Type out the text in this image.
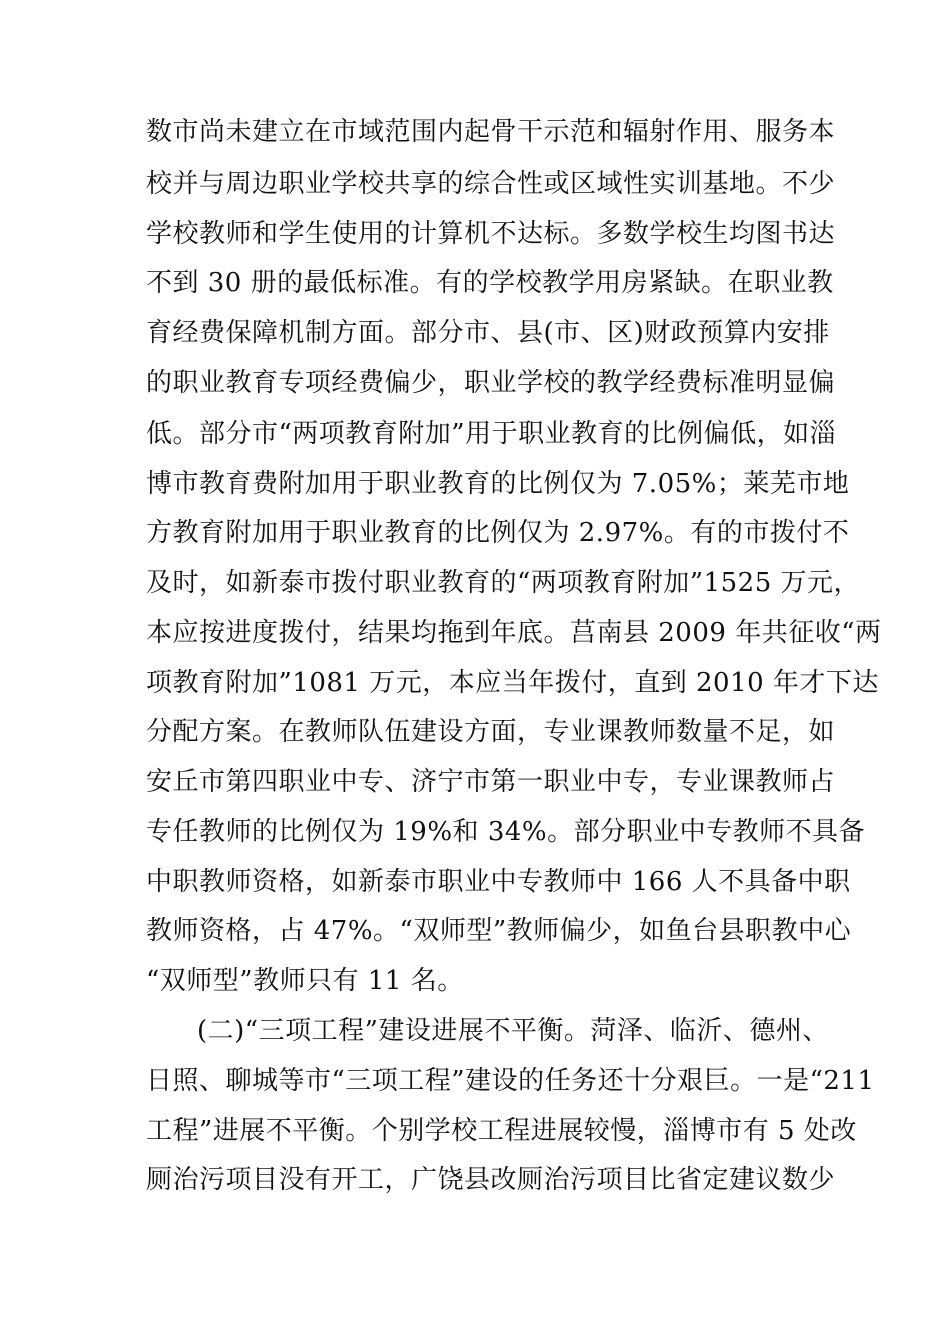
数市尚未建立在市域范围内起骨干示范和辐射作用、服务本
校并与周边职业学校共享的综合性或区域性实训基地。不少
学校教师和学生使用的计算机不达标。多数学校生均图书达
不到 30 册的最低标准。有的学校教学用房紧缺。在职业教
育经费保障机制方面。部分市、县(市、区)财政预算内安排
的职业教育专项经费偏少，职业学校的教学经费标准明显偏
低。部分市“两项教育附加”用于职业教育的比例偏低，如淄
博市教育费附加用于职业教育的比例仅为 7.05%；莱芜市地
方教育附加用于职业教育的比例仅为 2.97%。有的市拨付不
及时，如新泰市拨付职业教育的“两项教育附加”1525 万元，
本应按进度拨付，结果均拖到年底。莒南县 2009 年共征收“两
项教育附加”1081 万元，本应当年拨付，直到 2010 年才下达
分配方案。在教师队伍建设方面，专业课教师数量不足，如
安丘市第四职业中专、济宁市第一职业中专，专业课教师占
专任教师的比例仅为 19%和 34%。部分职业中专教师不具备
中职教师资格，如新泰市职业中专教师中 166 人不具备中职
教师资格，占 47%。“双师型”教师偏少，如鱼台县职教中心
“双师型”教师只有 11 名。
(二)“三项工程”建设进展不平衡。菏泽、临沂、德州、
日照、聊城等市“三项工程”建设的任务还十分艰巨。一是“211
工程”进展不平衡。个别学校工程进展较慢，淄博市有 5 处改
厕治污项目没有开工，广饶县改厕治污项目比省定建议数少
